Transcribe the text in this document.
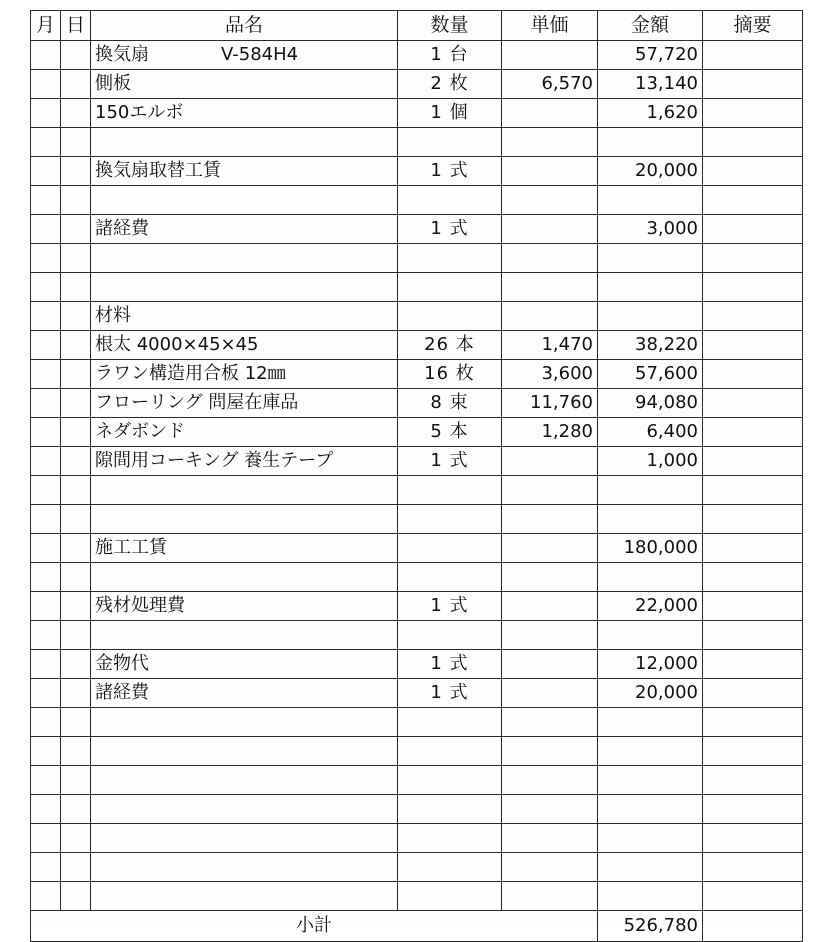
月	日	品名	数量	単価	金額	摘要
		換気扇 V-584H4	1 台		57,720	
		側板	2 枚	6,570	13,140	
		150エルボ	1 個		1,620	

		換気扇取替工賃	1 式		20,000	

		諸経費	1 式		3,000	

		材料				
		根太 4000×45×45	26 本	1,470	38,220	
		ラワン構造用合板 12㎜	16 枚	3,600	57,600	
		フローリング 問屋在庫品	8 束	11,760	94,080	
		ネダボンド	5 本	1,280	6,400	
		隙間用コーキング 養生テープ	1 式		1,000	

		施工工賃			180,000	

		残材処理費	1 式		22,000	

		金物代	1 式		12,000	
		諸経費	1 式		20,000	

小計					526,780	
